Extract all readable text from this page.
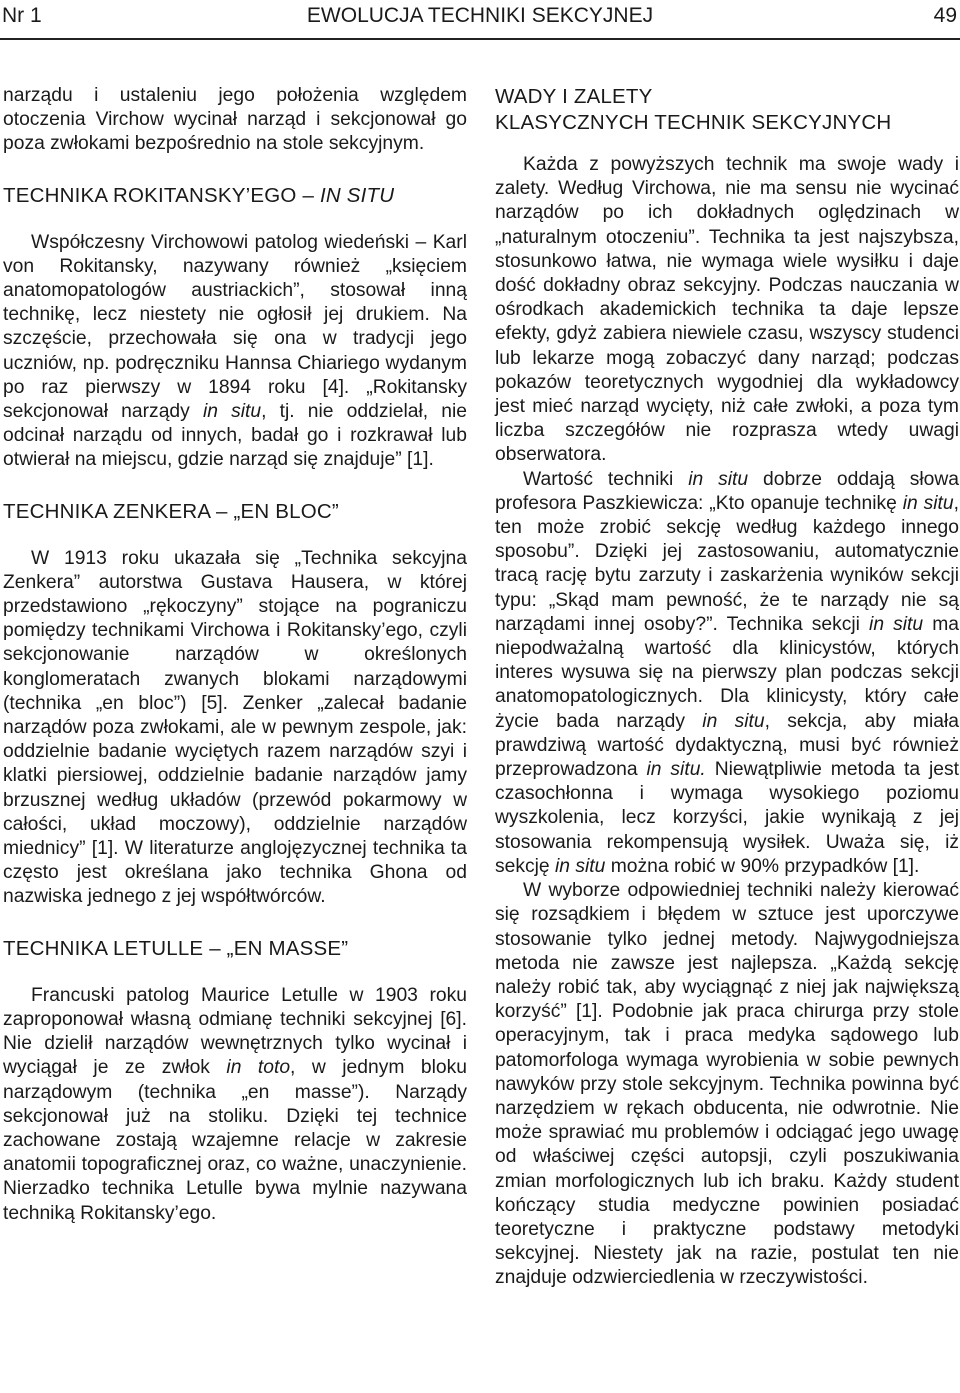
Nr 1	EWOLUCJA TECHNIKI SEKCYJNEJ	49

narządu i ustaleniu jego położenia względem otoczenia Virchow wycinał narząd i sekcjonował go poza zwłokami bezpośrednio na stole sekcyjnym.

TECHNIKA ROKITANSKY’EGO – IN SITU

Współczesny Virchowowi patolog wiedeński – Karl von Rokitansky, nazywany również „księciem anatomopatologów austriackich”, stosował inną technikę, lecz niestety nie ogłosił jej drukiem. Na szczęście, przechowała się ona w tradycji jego uczniów, np. podręczniku Hannsa Chiariego wydanym po raz pierwszy w 1894 roku [4]. „Rokitansky sekcjonował narządy in situ, tj. nie oddzielał, nie odcinał narządu od innych, badał go i rozkrawał lub otwierał na miejscu, gdzie narząd się znajduje” [1].

TECHNIKA ZENKERA – „EN BLOC”

W 1913 roku ukazała się „Technika sekcyjna Zenkera” autorstwa Gustava Hausera, w której przedstawiono „rękoczyny” stojące na pograniczu pomiędzy technikami Virchowa i Rokitansky’ego, czyli sekcjonowanie narządów w określonych konglomeratach zwanych blokami narządowymi (technika „en bloc”) [5]. Zenker „zalecał badanie narządów poza zwłokami, ale w pewnym zespole, jak: oddzielnie badanie wyciętych razem narządów szyi i klatki piersiowej, oddzielnie badanie narządów jamy brzusznej według układów (przewód pokarmowy w całości, układ moczowy), oddzielnie narządów miednicy” [1]. W literaturze anglojęzycznej technika ta często jest określana jako technika Ghona od nazwiska jednego z jej współtwórców.

TECHNIKA LETULLE – „EN MASSE”

Francuski patolog Maurice Letulle w 1903 roku zaproponował własną odmianę techniki sekcyjnej [6]. Nie dzielił narządów wewnętrznych tylko wycinał i wyciągał je ze zwłok in toto, w jednym bloku narządowym (technika „en masse”). Narządy sekcjonował już na stoliku. Dzięki tej technice zachowane zostają wzajemne relacje w zakresie anatomii topograficznej oraz, co ważne, unaczynienie. Nierzadko technika Letulle bywa mylnie nazywana techniką Rokitansky’ego.

WADY I ZALETY
KLASYCZNYCH TECHNIK SEKCYJNYCH

Każda z powyższych technik ma swoje wady i zalety. Według Virchowa, nie ma sensu nie wycinać narządów po ich dokładnych oględzinach w „naturalnym otoczeniu”. Technika ta jest najszybsza, stosunkowo łatwa, nie wymaga wiele wysiłku i daje dość dokładny obraz sekcyjny. Podczas nauczania w ośrodkach akademickich technika ta daje lepsze efekty, gdyż zabiera niewiele czasu, wszyscy studenci lub lekarze mogą zobaczyć dany narząd; podczas pokazów teoretycznych wygodniej dla wykładowcy jest mieć narząd wycięty, niż całe zwłoki, a poza tym liczba szczegółów nie rozprasza wtedy uwagi obserwatora.

Wartość techniki in situ dobrze oddają słowa profesora Paszkiewicza: „Kto opanuje technikę in situ, ten może zrobić sekcję według każdego innego sposobu”. Dzięki jej zastosowaniu, automatycznie tracą rację bytu zarzuty i zaskarżenia wyników sekcji typu: „Skąd mam pewność, że te narządy nie są narządami innej osoby?”. Technika sekcji in situ ma niepodważalną wartość dla klinicystów, których interes wysuwa się na pierwszy plan podczas sekcji anatomopatologicznych. Dla klinicysty, który całe życie bada narządy in situ, sekcja, aby miała prawdziwą wartość dydaktyczną, musi być również przeprowadzona in situ. Niewątpliwie metoda ta jest czasochłonna i wymaga wysokiego poziomu wyszkolenia, lecz korzyści, jakie wynikają z jej stosowania rekompensują wysiłek. Uważa się, iż sekcję in situ można robić w 90% przypadków [1].

W wyborze odpowiedniej techniki należy kierować się rozsądkiem i błędem w sztuce jest uporczywe stosowanie tylko jednej metody. Najwygodniejsza metoda nie zawsze jest najlepsza. „Każdą sekcję należy robić tak, aby wyciągnąć z niej jak największą korzyść” [1]. Podobnie jak praca chirurga przy stole operacyjnym, tak i praca medyka sądowego lub patomorfologa wymaga wyrobienia w sobie pewnych nawyków przy stole sekcyjnym. Technika powinna być narzędziem w rękach obducenta, nie odwrotnie. Nie może sprawiać mu problemów i odciągać jego uwagę od właściwej części autopsji, czyli poszukiwania zmian morfologicznych lub ich braku. Każdy student kończący studia medyczne powinien posiadać teoretyczne i praktyczne podstawy metodyki sekcyjnej. Niestety jak na razie, postulat ten nie znajduje odzwierciedlenia w rzeczywistości.
